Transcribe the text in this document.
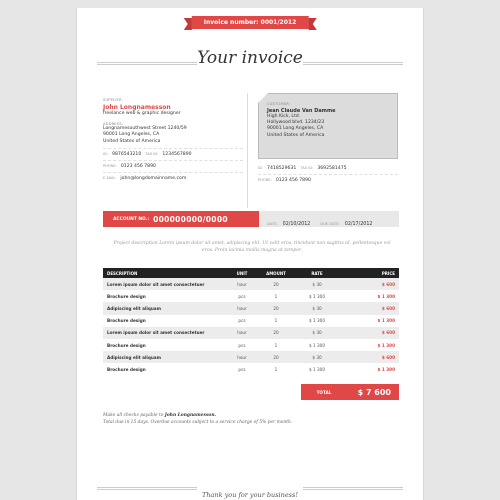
Invoice number: 0001/2012
Your invoice
SUPPLIER:
John Longnamesson
freelance web & graphic designer
ADDRESS:
Longnamesouthwest Street 1240/59
90001 Long Angeles, CA
United States of America
ID: 9876543210 TAX ID: 1234567890
PHONE: 0123 456 7890
E-MAIL: john@longdomainname.com
CUSTOMER:
Jean Claude Van Damme
High Kick, Ltd.
Hollywood blvd. 1234/23
90001 Long Angeles, CA
United States of America
ID: 7418529631 TAX ID: 3692581475
PHONE: 0123 456 7890
ACCOUNT NO.: 000000000/0000	DATE: 02/10/2012	DUE DATE: 02/17/2012
Project description Lorem ipsum dolor sit amet, adipiscing elit. Ut velit eros, tincidunt non sagittis id, pellentesque vel eros. Proin lacinia mollis magna at tempor.
DESCRIPTION	UNIT	AMOUNT	RATE	PRICE
Lorem ipsum dolor sit amet consectetuer	hour	20	$ 30	$ 600
Brochure design	pcs	1	$ 1 300	$ 1 300
Adipiscing elit aliquam	hour	20	$ 30	$ 600
Brochure design	pcs	1	$ 1 300	$ 1 300
Lorem ipsum dolor sit amet consectetuer	hour	20	$ 30	$ 600
Brochure design	pcs	1	$ 1 300	$ 1 300
Adipiscing elit aliquam	hour	20	$ 30	$ 600
Brochure design	pcs	1	$ 1 300	$ 1 300
TOTAL	$ 7 600
Make all checks payable to John Longnamesson.
Total due in 15 days. Overdue accounts subject to a service charge of 5% per month.
Thank you for your business!
